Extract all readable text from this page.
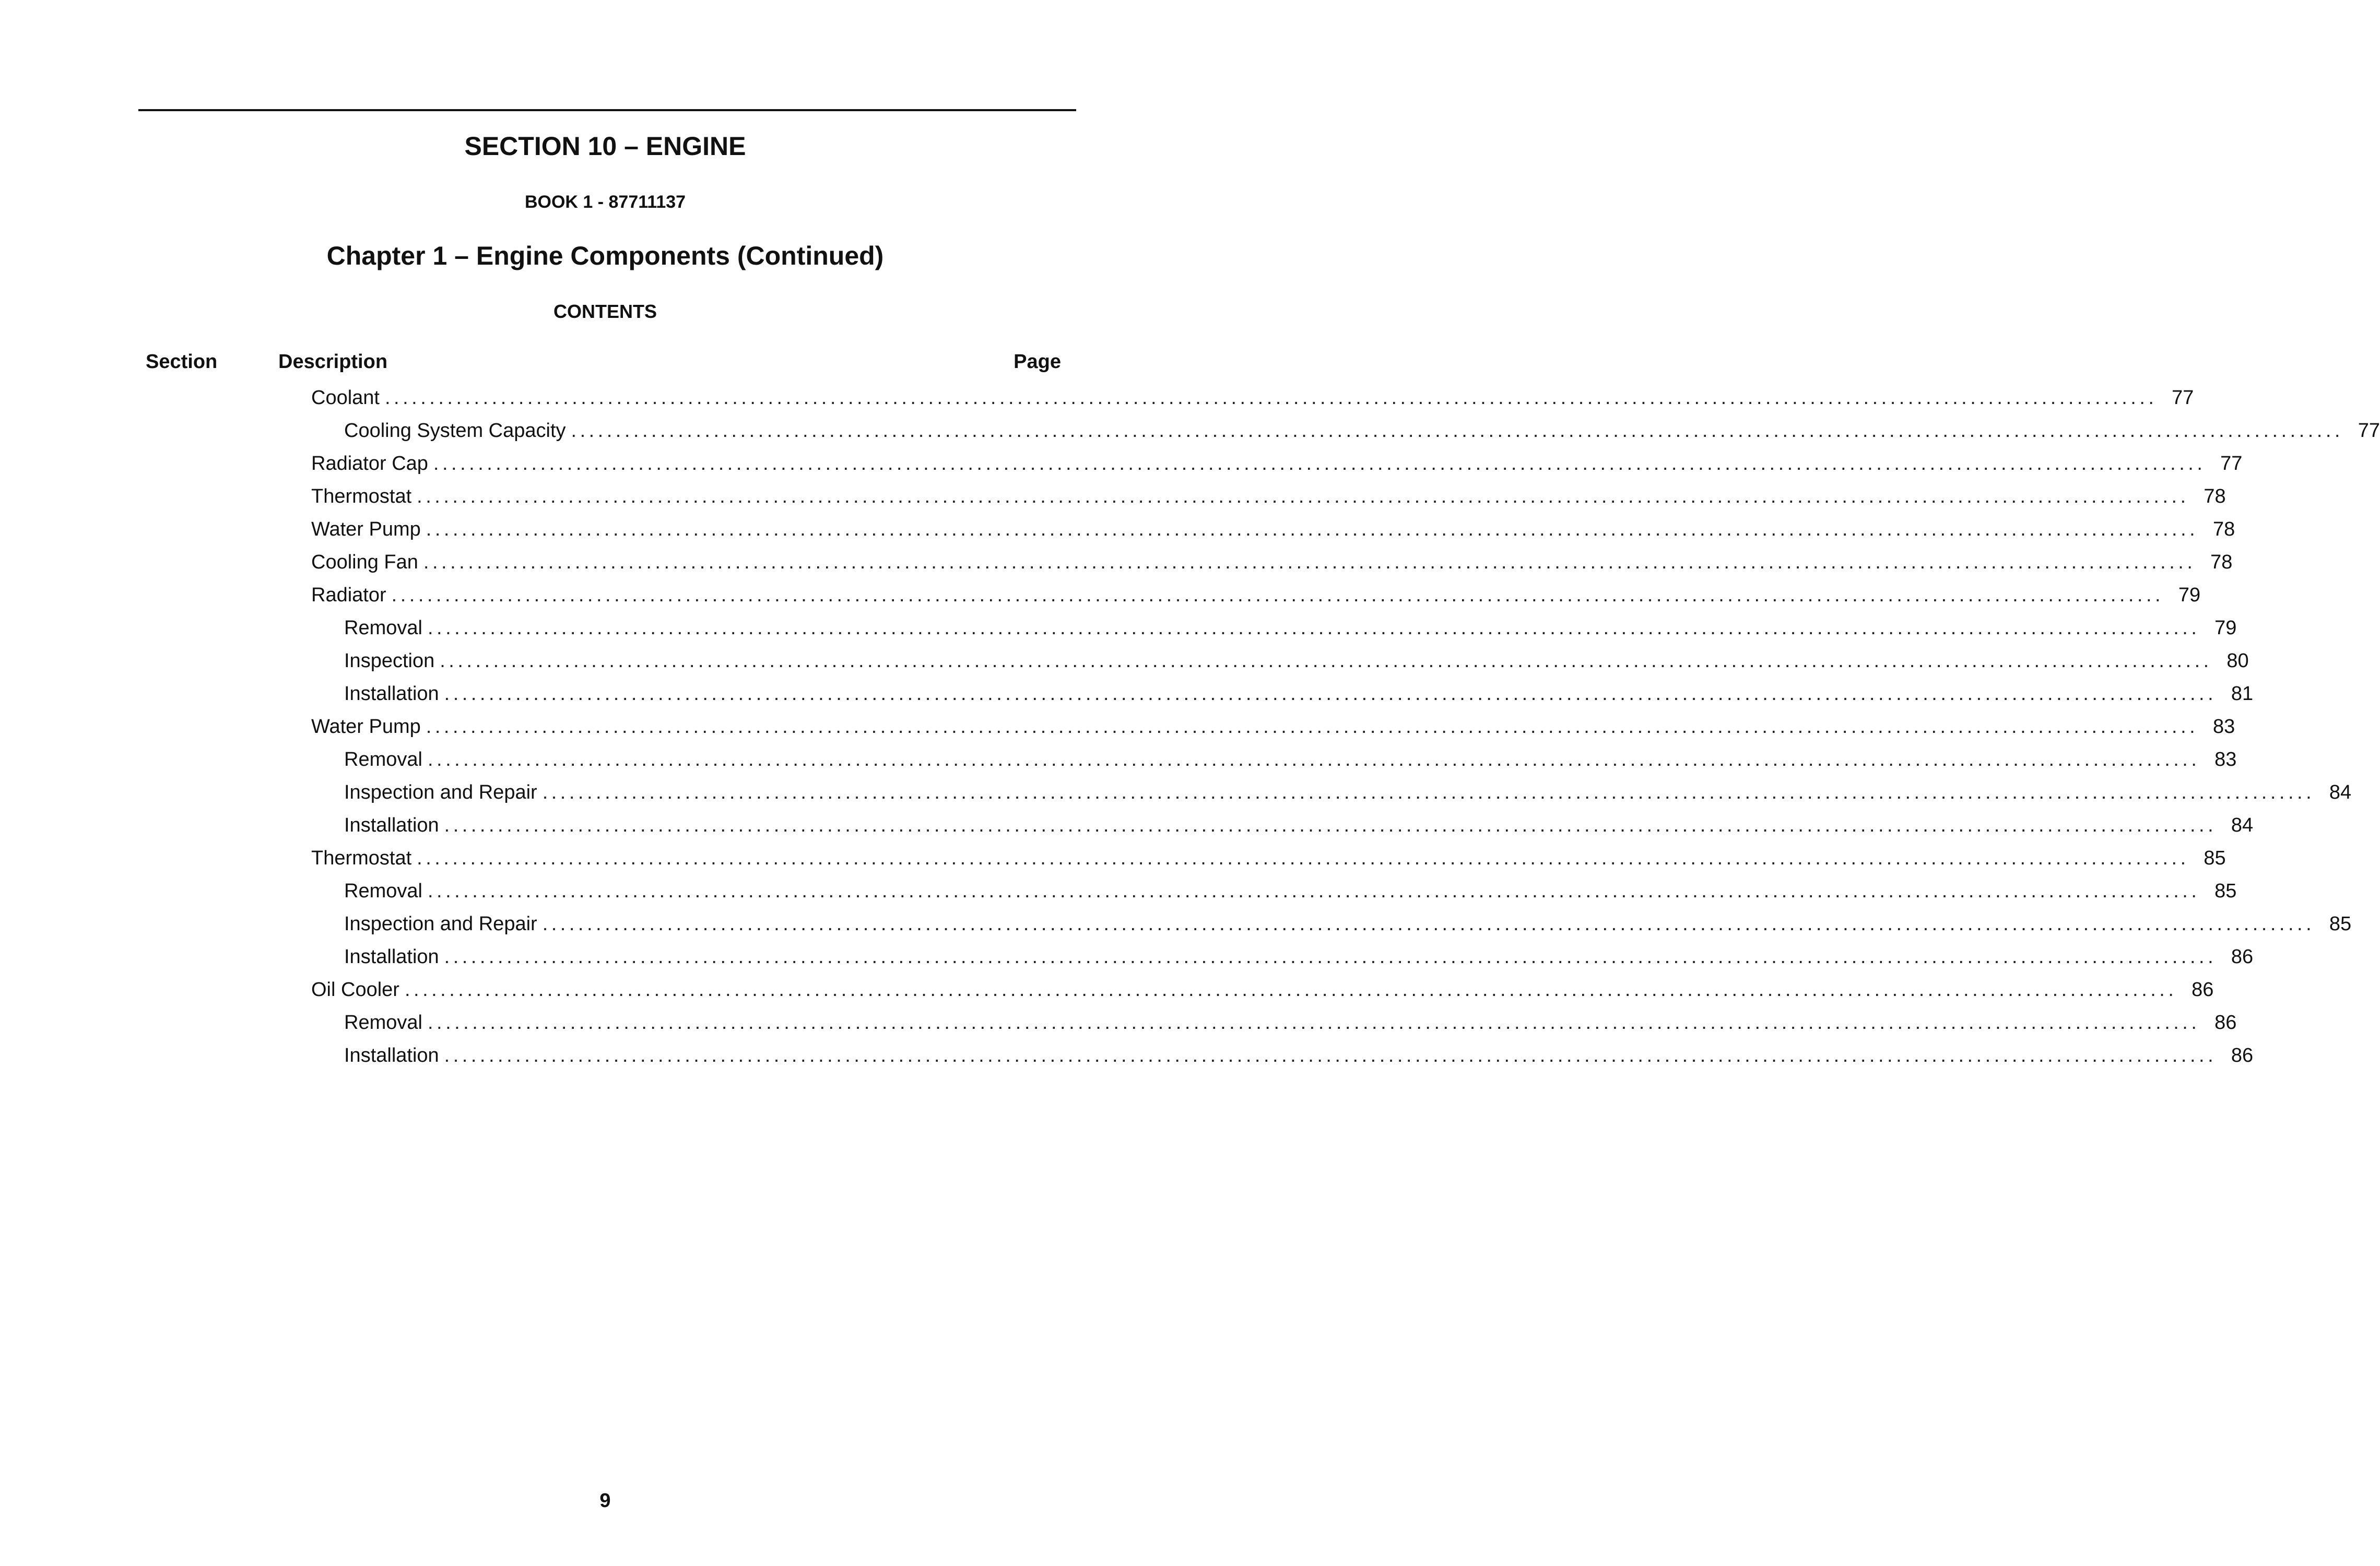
SECTION 10 – ENGINE
BOOK 1 - 87711137
Chapter 1 – Engine Components (Continued)
CONTENTS
Section	Description	Page
Coolant ....................................................................................................................................................................................................... 77
Cooling System Capacity ....................................................................................................................................................................................................... 77
Radiator Cap ....................................................................................................................................................................................................... 77
Thermostat ....................................................................................................................................................................................................... 78
Water Pump ....................................................................................................................................................................................................... 78
Cooling Fan ....................................................................................................................................................................................................... 78
Radiator ....................................................................................................................................................................................................... 79
Removal ....................................................................................................................................................................................................... 79
Inspection ....................................................................................................................................................................................................... 80
Installation ....................................................................................................................................................................................................... 81
Water Pump ....................................................................................................................................................................................................... 83
Removal ....................................................................................................................................................................................................... 83
Inspection and Repair ....................................................................................................................................................................................................... 84
Installation ....................................................................................................................................................................................................... 84
Thermostat ....................................................................................................................................................................................................... 85
Removal ....................................................................................................................................................................................................... 85
Inspection and Repair ....................................................................................................................................................................................................... 85
Installation ....................................................................................................................................................................................................... 86
Oil Cooler ....................................................................................................................................................................................................... 86
Removal ....................................................................................................................................................................................................... 86
Installation ....................................................................................................................................................................................................... 86
9
